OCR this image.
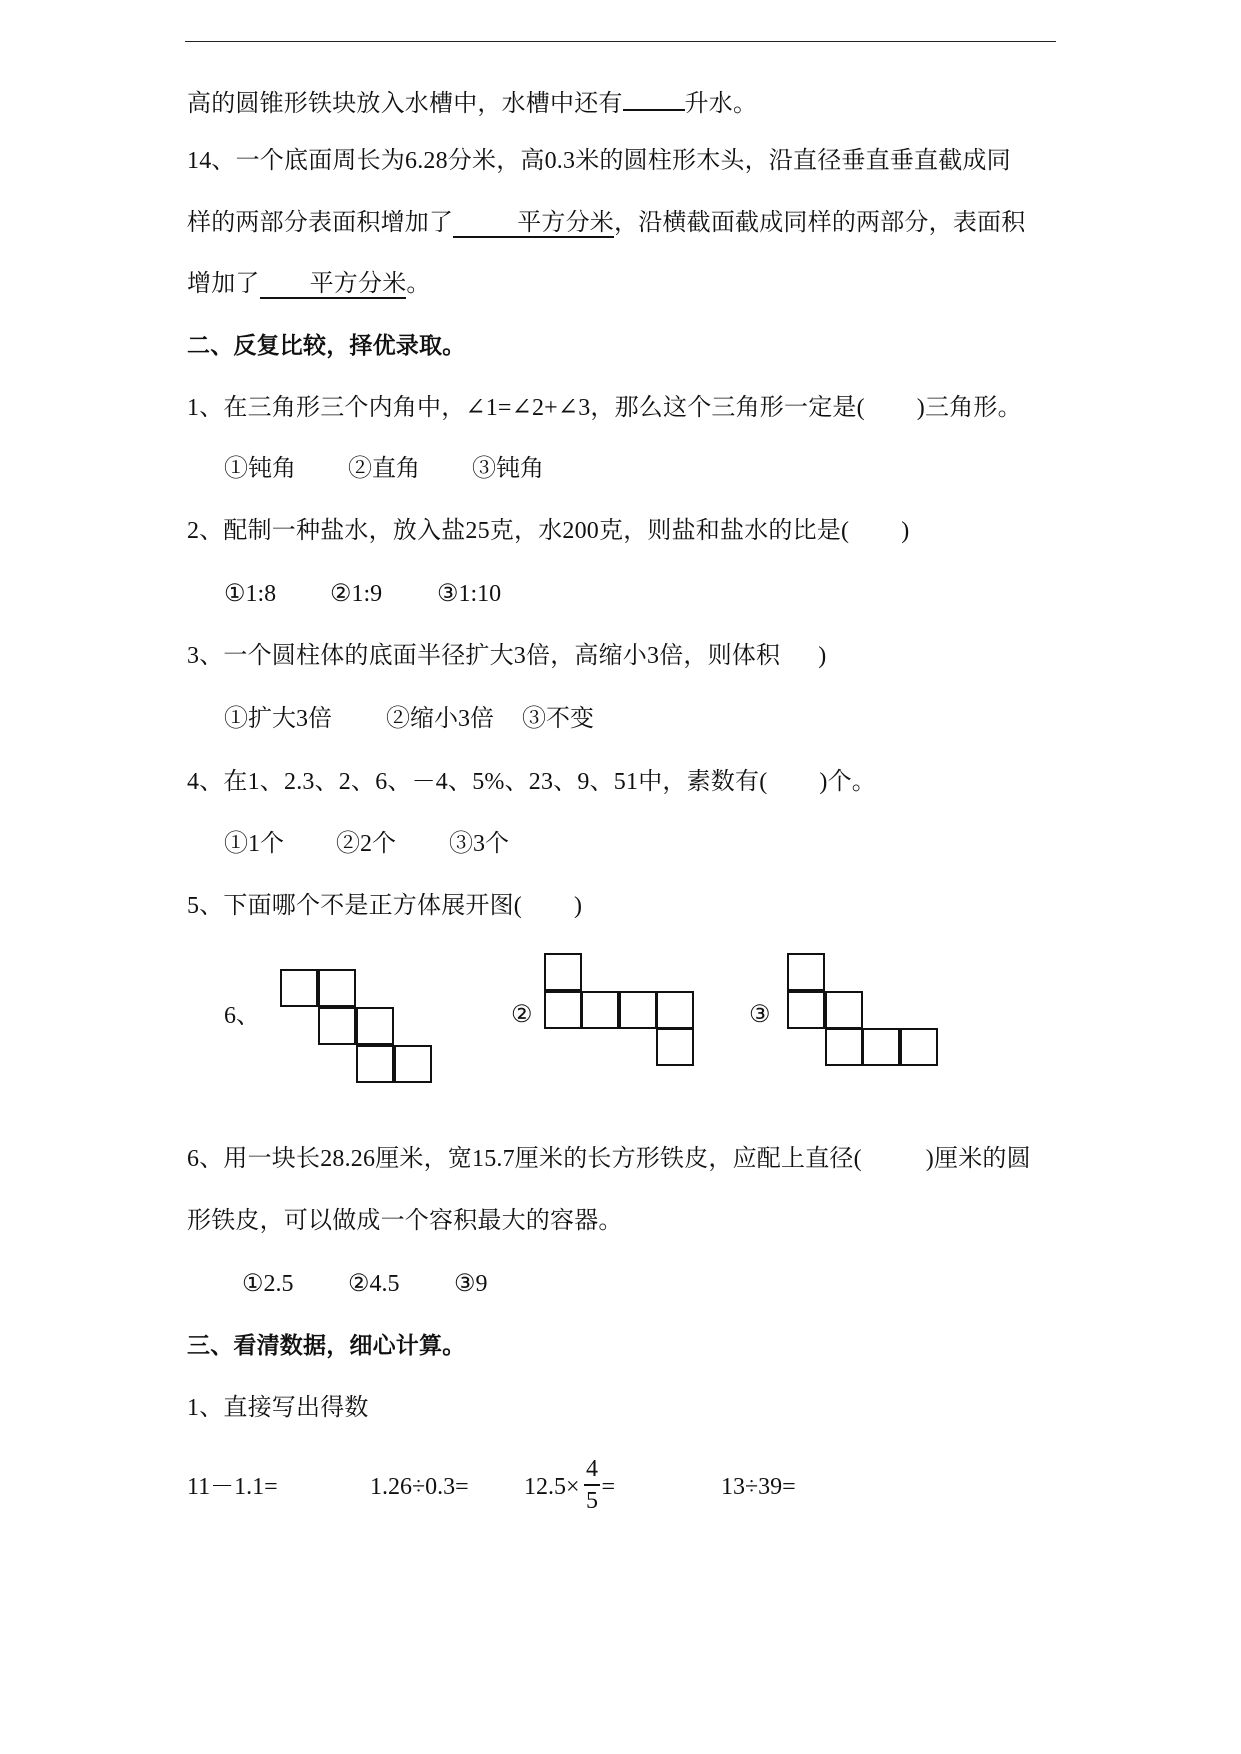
高的圆锥形铁块放入水槽中，水槽中还有	升水。
14、一个底面周长为6.28分米，高0.3米的圆柱形木头，沿直径垂直垂直截成同
样的两部分表面积增加了	平方分米，沿横截面截成同样的两部分，表面积
增加了 平方分米。
二、反复比较，择优录取。
1、在三角形三个内角中，∠1=∠2+∠3，那么这个三角形一定是( )三角形。
①钝角 ②直角 ③钝角
2、配制一种盐水，放入盐25克，水200克，则盐和盐水的比是( )
①1:8 ②1:9 ③1:10
3、一个圆柱体的底面半径扩大3倍，高缩小3倍，则体积 )
①扩大3倍 ②缩小3倍 ③不变
4、在1、2.3、2、6、－4、5%、23、9、51中，素数有( )个。
①1个 ②2个 ③3个
5、下面哪个不是正方体展开图( )
6、	②	③
6、用一块长28.26厘米，宽15.7厘米的长方形铁皮，应配上直径(	)厘米的圆
形铁皮，可以做成一个容积最大的容器。
①2.5 ②4.5 ③9
三、看清数据，细心计算。
1、直接写出得数
11－1.1=	1.26÷0.3= 12.5× =
4
5
13÷39=
